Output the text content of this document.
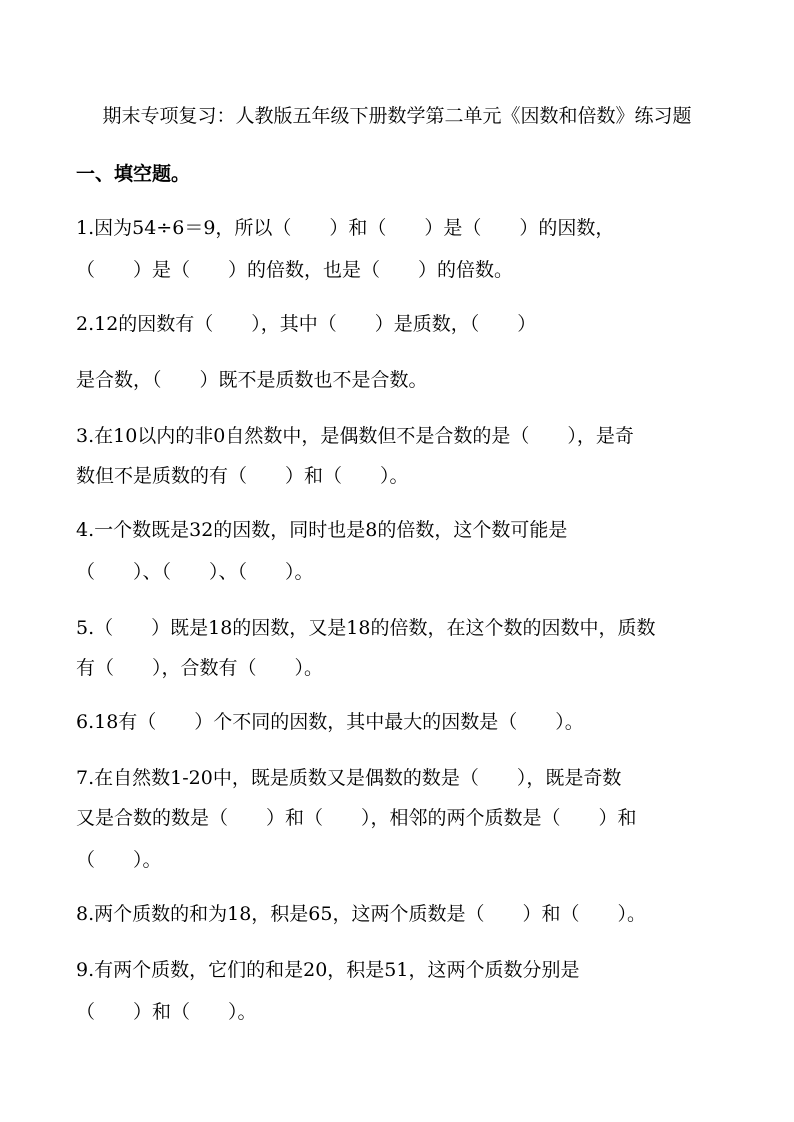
期末专项复习：人教版五年级下册数学第二单元《因数和倍数》练习题
一、填空题。
1.因为54÷6＝9，所以（　　）和（　　）是（　　）的因数，
（　　）是（　　）的倍数，也是（　　）的倍数。
2.12的因数有（　　），其中（　　）是质数，（　　）
是合数，（　　）既不是质数也不是合数。
3.在10以内的非0自然数中，是偶数但不是合数的是（　　），是奇
数但不是质数的有（　　）和（　　）。
4.一个数既是32的因数，同时也是8的倍数，这个数可能是
（　　）、（　　）、（　　）。
5.（　　）既是18的因数，又是18的倍数，在这个数的因数中，质数
有（　　），合数有（　　）。
6.18有（　　）个不同的因数，其中最大的因数是（　　）。
7.在自然数1-20中，既是质数又是偶数的数是（　　），既是奇数
又是合数的数是（　　）和（　　），相邻的两个质数是（　　）和
（　　）。
8.两个质数的和为18，积是65，这两个质数是（　　）和（　　）。
9.有两个质数，它们的和是20，积是51，这两个质数分别是
（　　）和（　　）。
